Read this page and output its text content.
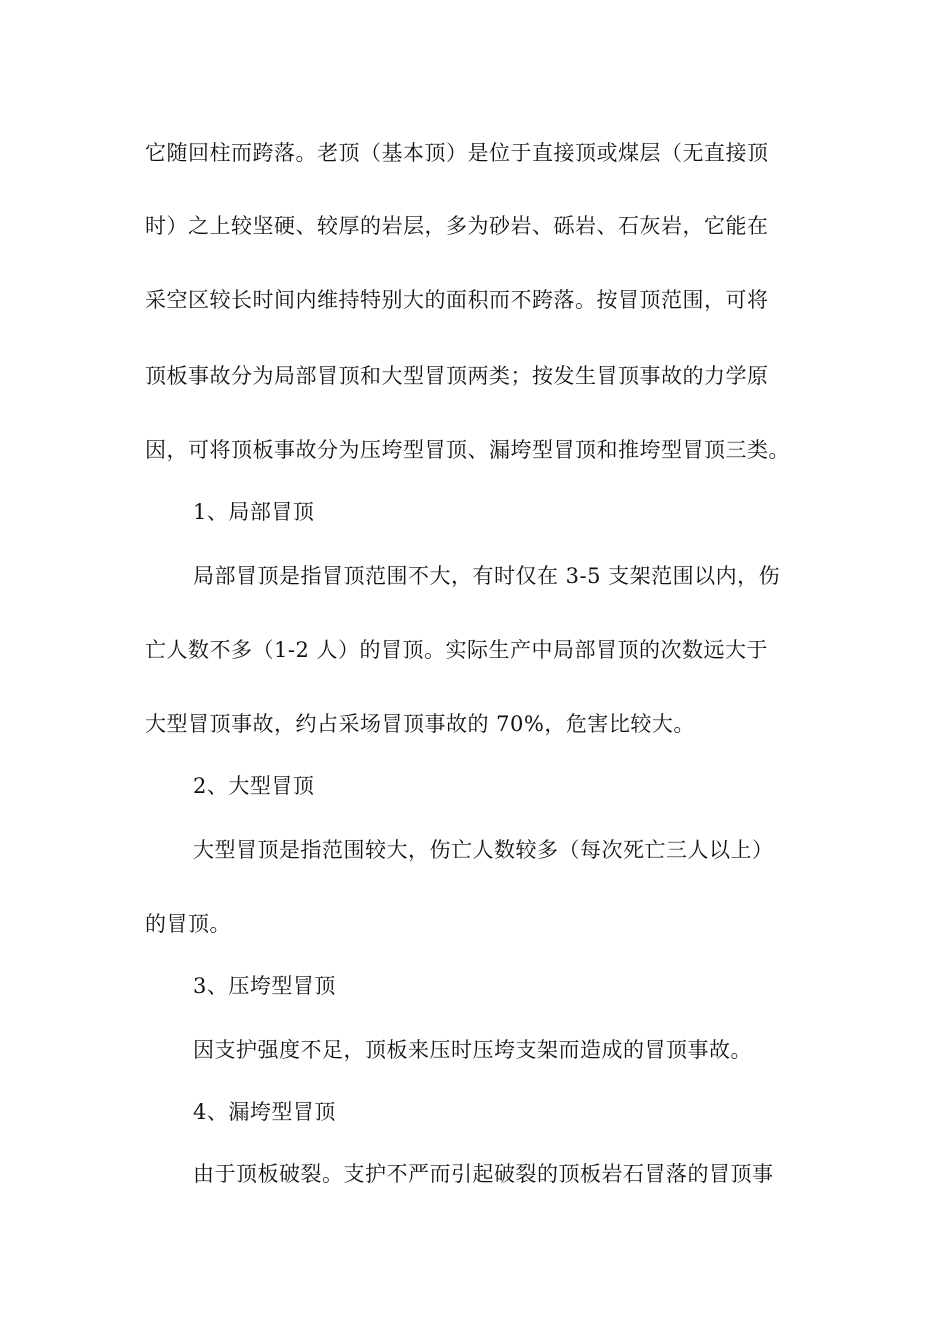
它随回柱而跨落。老顶（基本顶）是位于直接顶或煤层（无直接顶
时）之上较坚硬、较厚的岩层，多为砂岩、砾岩、石灰岩，它能在
采空区较长时间内维持特别大的面积而不跨落。按冒顶范围，可将
顶板事故分为局部冒顶和大型冒顶两类；按发生冒顶事故的力学原
因，可将顶板事故分为压垮型冒顶、漏垮型冒顶和推垮型冒顶三类。
1、局部冒顶
局部冒顶是指冒顶范围不大，有时仅在 3-5 支架范围以内，伤
亡人数不多（1-2 人）的冒顶。实际生产中局部冒顶的次数远大于
大型冒顶事故，约占采场冒顶事故的 70%，危害比较大。
2、大型冒顶
大型冒顶是指范围较大，伤亡人数较多（每次死亡三人以上）
的冒顶。
3、压垮型冒顶
因支护强度不足，顶板来压时压垮支架而造成的冒顶事故。
4、漏垮型冒顶
由于顶板破裂。支护不严而引起破裂的顶板岩石冒落的冒顶事
